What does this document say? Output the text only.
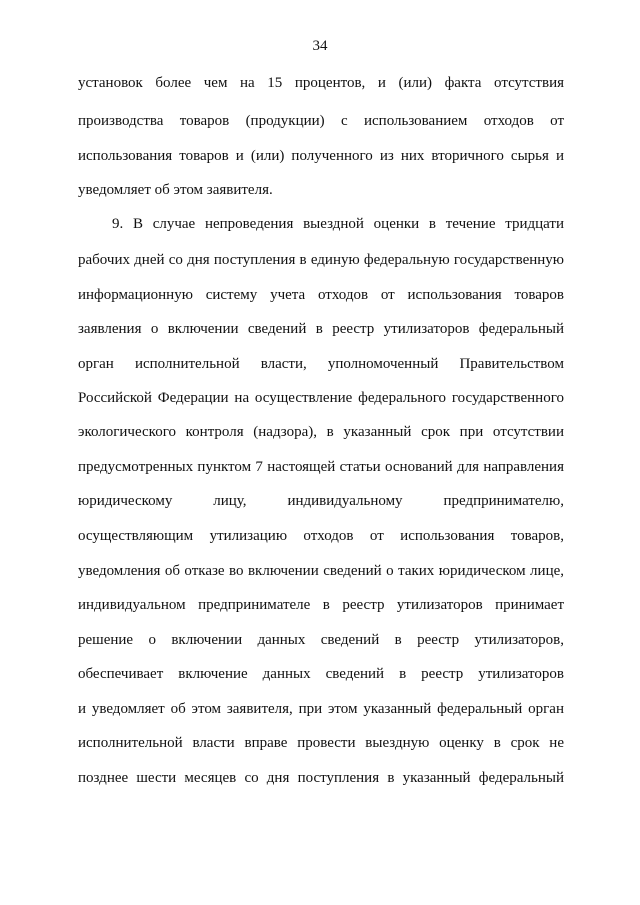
34
установок более чем на 15 процентов, и (или) факта отсутствия
производства товаров (продукции) с использованием отходов от
использования товаров и (или) полученного из них вторичного сырья и
уведомляет об этом заявителя.
9. В случае непроведения выездной оценки в течение тридцати
рабочих дней со дня поступления в единую федеральную государственную
информационную систему учета отходов от использования товаров
заявления о включении сведений в реестр утилизаторов федеральный
орган исполнительной власти, уполномоченный Правительством
Российской Федерации на осуществление федерального государственного
экологического контроля (надзора), в указанный срок при отсутствии
предусмотренных пунктом 7 настоящей статьи оснований для направления
юридическому лицу, индивидуальному предпринимателю,
осуществляющим утилизацию отходов от использования товаров,
уведомления об отказе во включении сведений о таких юридическом лице,
индивидуальном предпринимателе в реестр утилизаторов принимает
решение о включении данных сведений в реестр утилизаторов,
обеспечивает включение данных сведений в реестр утилизаторов
и уведомляет об этом заявителя, при этом указанный федеральный орган
исполнительной власти вправе провести выездную оценку в срок не
позднее шести месяцев со дня поступления в указанный федеральный
